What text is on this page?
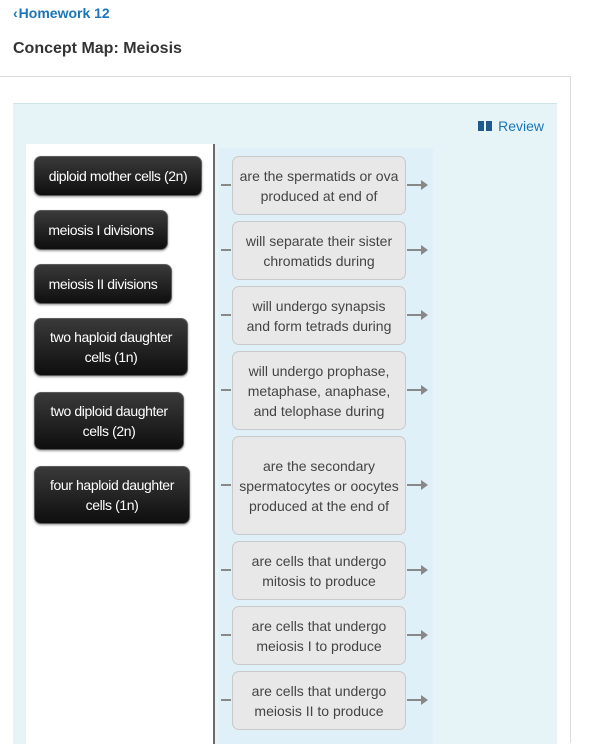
‹Homework 12
Concept Map: Meiosis
Review
diploid mother cells (2n)
meiosis I divisions
meiosis II divisions
two haploid daughter cells (1n)
two diploid daughter cells (2n)
four haploid daughter cells (1n)
are the spermatids or ova produced at end of
will separate their sister chromatids during
will undergo synapsis and form tetrads during
will undergo prophase, metaphase, anaphase, and telophase during
are the secondary spermatocytes or oocytes produced at the end of
are cells that undergo mitosis to produce
are cells that undergo meiosis I to produce
are cells that undergo meiosis II to produce
